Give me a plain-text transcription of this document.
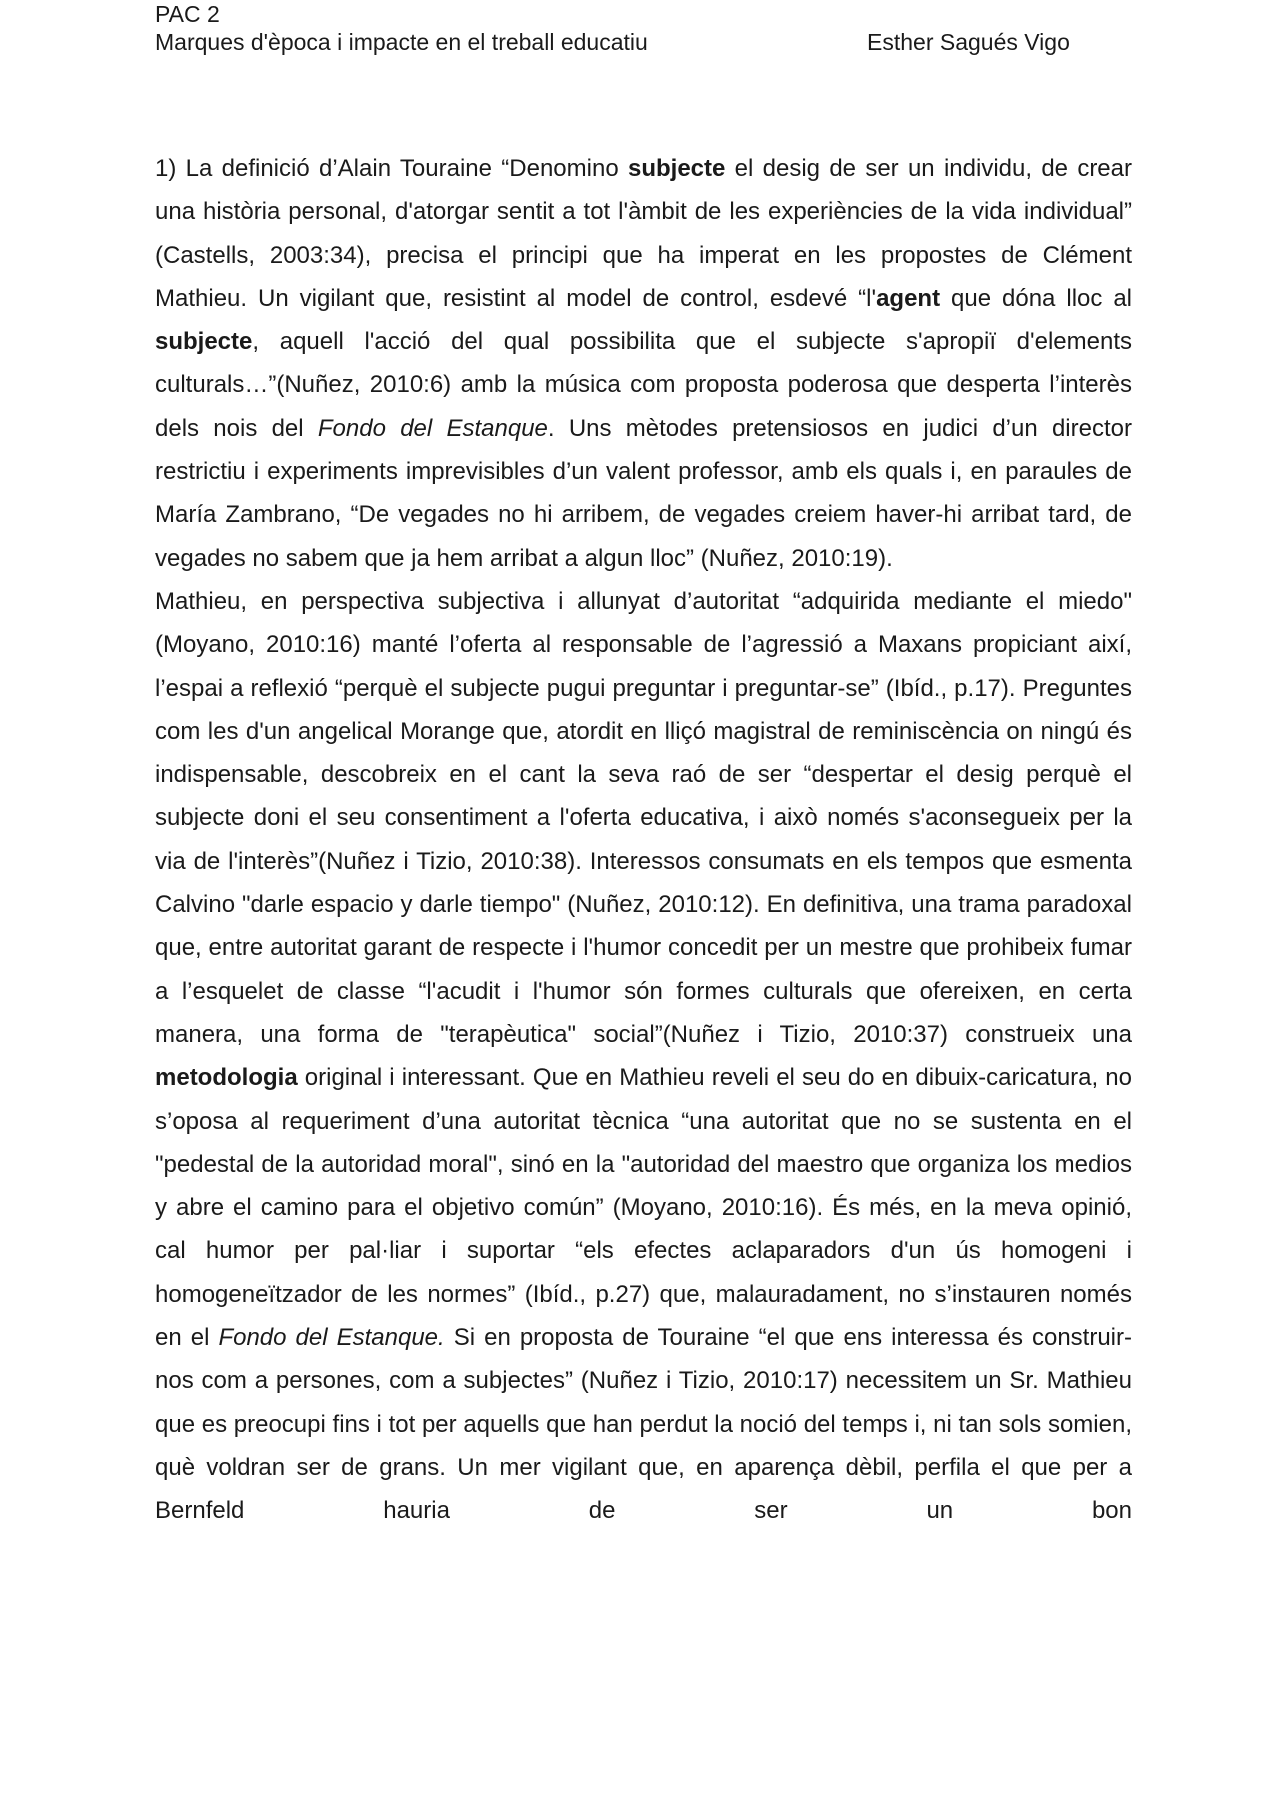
PAC 2
Marques d'època i impacte en el treball educatiu	Esther Sagués Vigo

1) La definició d’Alain Touraine “Denomino subjecte el desig de ser un individu, de crear una història personal, d'atorgar sentit a tot l'àmbit de les experiències de la vida individual” (Castells, 2003:34), precisa el principi que ha imperat en les propostes de Clément Mathieu. Un vigilant que, resistint al model de control, esdevé “l'agent que dóna lloc al subjecte, aquell l'acció del qual possibilita que el subjecte s'apropiï d'elements culturals…”(Nuñez, 2010:6) amb la música com proposta poderosa que desperta l’interès dels nois del Fondo del Estanque. Uns mètodes pretensiosos en judici d’un director restrictiu i experiments imprevisibles d’un valent professor, amb els quals i, en paraules de María Zambrano, “De vegades no hi arribem, de vegades creiem haver-hi arribat tard, de vegades no sabem que ja hem arribat a algun lloc” (Nuñez, 2010:19).

Mathieu, en perspectiva subjectiva i allunyat d’autoritat “adquirida mediante el miedo" (Moyano, 2010:16) manté l’oferta al responsable de l’agressió a Maxans propiciant així, l’espai a reflexió “perquè el subjecte pugui preguntar i preguntar-se” (Ibíd., p.17). Preguntes com les d'un angelical Morange que, atordit en lliçó magistral de reminiscència on ningú és indispensable, descobreix en el cant la seva raó de ser “despertar el desig perquè el subjecte doni el seu consentiment a l'oferta educativa, i això només s'aconsegueix per la via de l'interès”(Nuñez i Tizio, 2010:38). Interessos consumats en els tempos que esmenta Calvino "darle espacio y darle tiempo" (Nuñez, 2010:12). En definitiva, una trama paradoxal que, entre autoritat garant de respecte i l'humor concedit per un mestre que prohibeix fumar a l’esquelet de classe “l'acudit i l'humor són formes culturals que ofereixen, en certa manera, una forma de "terapèutica" social”(Nuñez i Tizio, 2010:37) construeix una metodologia original i interessant. Que en Mathieu reveli el seu do en dibuix-caricatura, no s’oposa al requeriment d’una autoritat tècnica “una autoritat que no se sustenta en el "pedestal de la autoridad moral", sinó en la "autoridad del maestro que organiza los medios y abre el camino para el objetivo común” (Moyano, 2010:16). És més, en la meva opinió, cal humor per pal·liar i suportar “els efectes aclaparadors d'un ús homogeni i homogeneïtzador de les normes” (Ibíd., p.27) que, malauradament, no s’instauren només en el Fondo del Estanque. Si en proposta de Touraine “el que ens interessa és construir-nos com a persones, com a subjectes” (Nuñez i Tizio, 2010:17) necessitem un Sr. Mathieu que es preocupi fins i tot per aquells que han perdut la noció del temps i, ni tan sols somien, què voldran ser de grans. Un mer vigilant que, en aparença dèbil, perfila el que per a Bernfeld hauria de ser un bon
